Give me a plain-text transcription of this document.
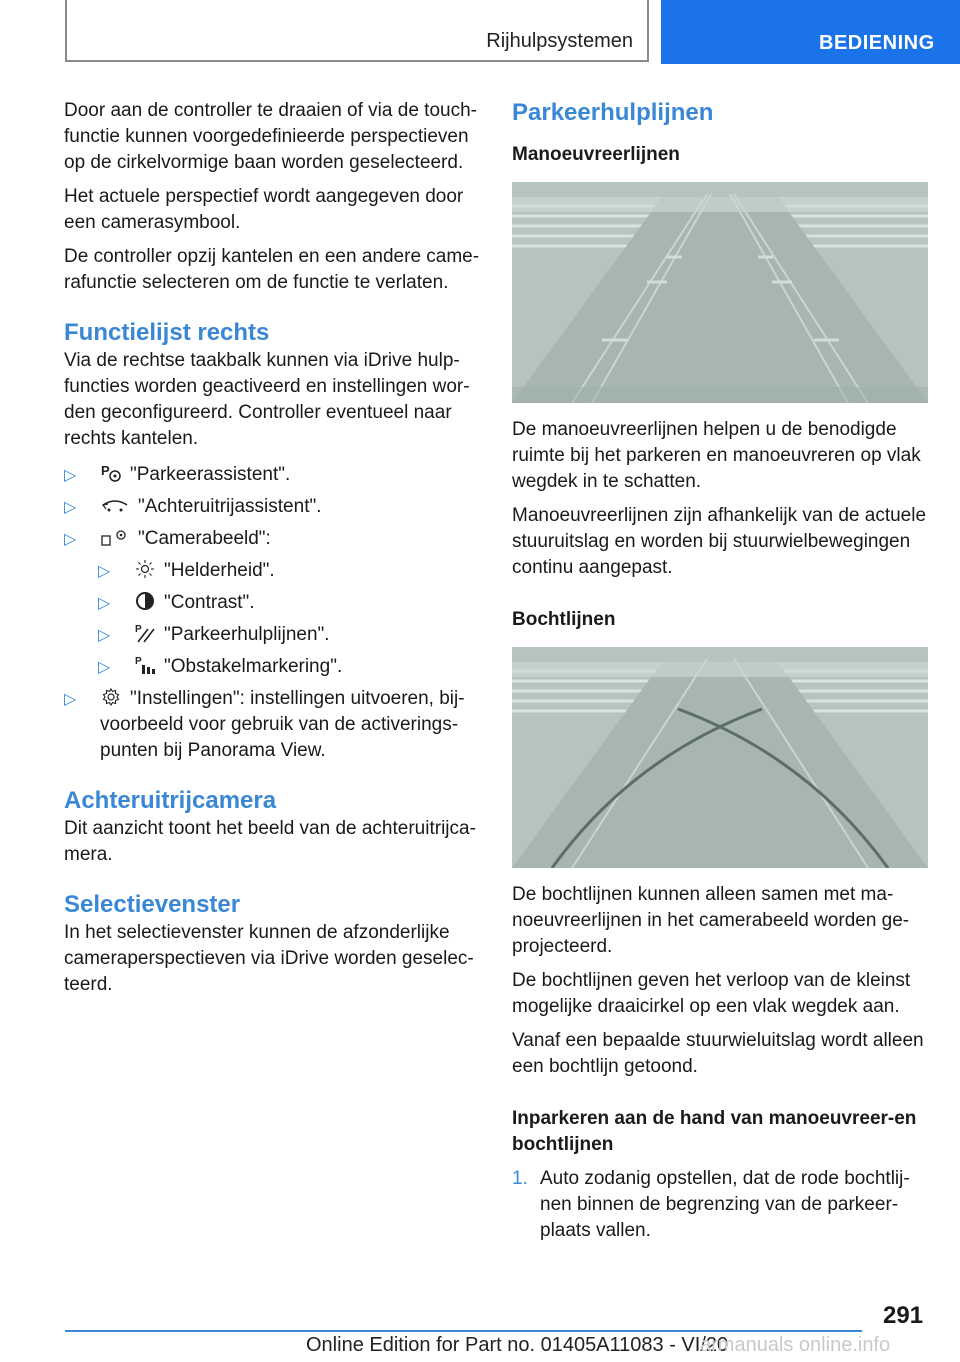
Rijhulpsystemen	BEDIENING

Door aan de controller te draaien of via de touch-functie kunnen voorgedefinieerde perspectieven op de cirkelvormige baan worden geselecteerd.

Het actuele perspectief wordt aangegeven door een camerasymbool.

De controller opzij kantelen en een andere came-rafunctie selecteren om de functie te verlaten.

Functielijst rechts

Via de rechtse taakbalk kunnen via iDrive hulp-functies worden geactiveerd en instellingen wor-den geconfigureerd. Controller eventueel naar rechts kantelen.

▷ P "Parkeerassistent".
▷	"Achteruitrijassistent".
▷	"Camerabeeld":
▷	"Helderheid".
▷	"Contrast".
▷ P "Parkeerhulplijnen".
▷ P "Obstakelmarkering".
▷	"Instellingen": instellingen uitvoeren, bij-voorbeeld voor gebruik van de activerings-punten bij Panorama View.
Achteruitrijcamera

Dit aanzicht toont het beeld van de achteruitrijca-mera.

Selectievenster

In het selectievenster kunnen de afzonderlijke cameraperspectieven via iDrive worden geselec-teerd.

Parkeerhulplijnen
Manoeuvreerlijnen

De manoeuvreerlijnen helpen u de benodigde ruimte bij het parkeren en manoeuvreren op vlak wegdek in te schatten.

Manoeuvreerlijnen zijn afhankelijk van de actuele stuuruitslag en worden bij stuurwielbewegingen continu aangepast.

Bochtlijnen

De bochtlijnen kunnen alleen samen met ma-noeuvreerlijnen in het camerabeeld worden ge-projecteerd.

De bochtlijnen geven het verloop van de kleinst mogelijke draaicirkel op een vlak wegdek aan.

Vanaf een bepaalde stuurwieluitslag wordt alleen een bochtlijn getoond.

Inparkeren aan de hand van manoeuvreer-en bochtlijnen
1. Auto zodanig opstellen, dat de rode bochtlij-nen binnen de begrenzing van de parkeer-plaats vallen.
291
Online Edition for Part no. 01405A11083 - VI/20
armanuals online.info
